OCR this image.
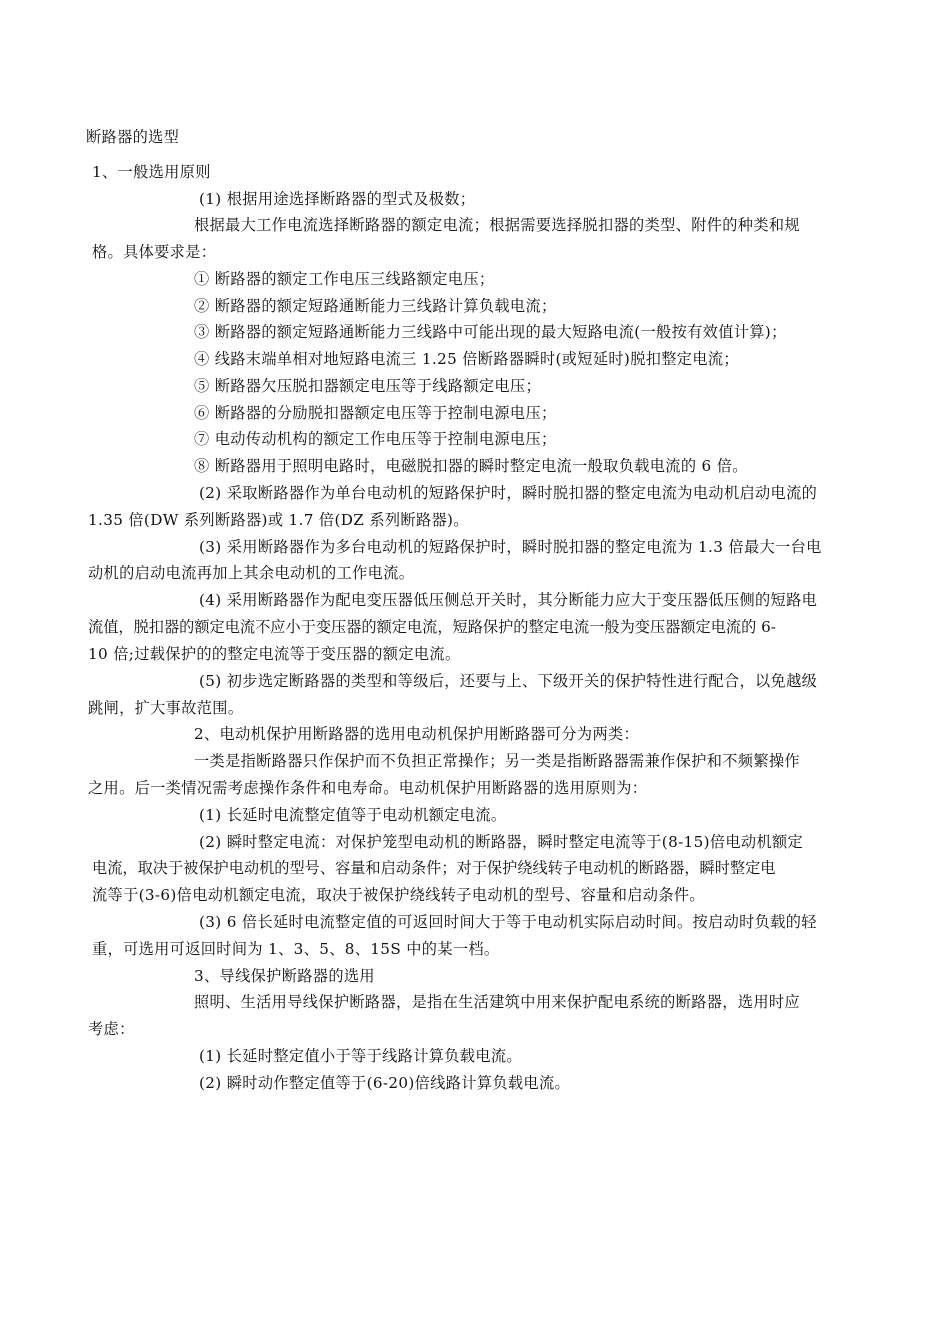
断路器的选型
1、一般选用原则
(1) 根据用途选择断路器的型式及极数；
根据最大工作电流选择断路器的额定电流；根据需要选择脱扣器的类型、附件的种类和规
格。具体要求是：
① 断路器的额定工作电压三线路额定电压；
② 断路器的额定短路通断能力三线路计算负载电流；
③ 断路器的额定短路通断能力三线路中可能出现的最大短路电流(一般按有效值计算)；
④ 线路末端单相对地短路电流三 1.25 倍断路器瞬时(或短延时)脱扣整定电流；
⑤ 断路器欠压脱扣器额定电压等于线路额定电压；
⑥ 断路器的分励脱扣器额定电压等于控制电源电压；
⑦ 电动传动机构的额定工作电压等于控制电源电压；
⑧ 断路器用于照明电路时，电磁脱扣器的瞬时整定电流一般取负载电流的 6 倍。
(2) 采取断路器作为单台电动机的短路保护时，瞬时脱扣器的整定电流为电动机启动电流的
1.35 倍(DW 系列断路器)或 1.7 倍(DZ 系列断路器)。
(3) 采用断路器作为多台电动机的短路保护时，瞬时脱扣器的整定电流为 1.3 倍最大一台电
动机的启动电流再加上其余电动机的工作电流。
(4) 采用断路器作为配电变压器低压侧总开关时，其分断能力应大于变压器低压侧的短路电
流值，脱扣器的额定电流不应小于变压器的额定电流，短路保护的整定电流一般为变压器额定电流的 6-
10 倍;过载保护的的整定电流等于变压器的额定电流。
(5) 初步选定断路器的类型和等级后，还要与上、下级开关的保护特性进行配合，以免越级
跳闸，扩大事故范围。
2、电动机保护用断路器的选用电动机保护用断路器可分为两类：
一类是指断路器只作保护而不负担正常操作；另一类是指断路器需兼作保护和不频繁操作
之用。后一类情况需考虑操作条件和电寿命。电动机保护用断路器的选用原则为：
(1) 长延时电流整定值等于电动机额定电流。
(2) 瞬时整定电流：对保护笼型电动机的断路器，瞬时整定电流等于(8-15)倍电动机额定
电流，取决于被保护电动机的型号、容量和启动条件；对于保护绕线转子电动机的断路器，瞬时整定电
流等于(3-6)倍电动机额定电流，取决于被保护绕线转子电动机的型号、容量和启动条件。
(3) 6 倍长延时电流整定值的可返回时间大于等于电动机实际启动时间。按启动时负载的轻
重，可选用可返回时间为 1、3、5、8、15S 中的某一档。
3、导线保护断路器的选用
照明、生活用导线保护断路器，是指在生活建筑中用来保护配电系统的断路器，选用时应
考虑：
(1) 长延时整定值小于等于线路计算负载电流。
(2) 瞬时动作整定值等于(6-20)倍线路计算负载电流。
